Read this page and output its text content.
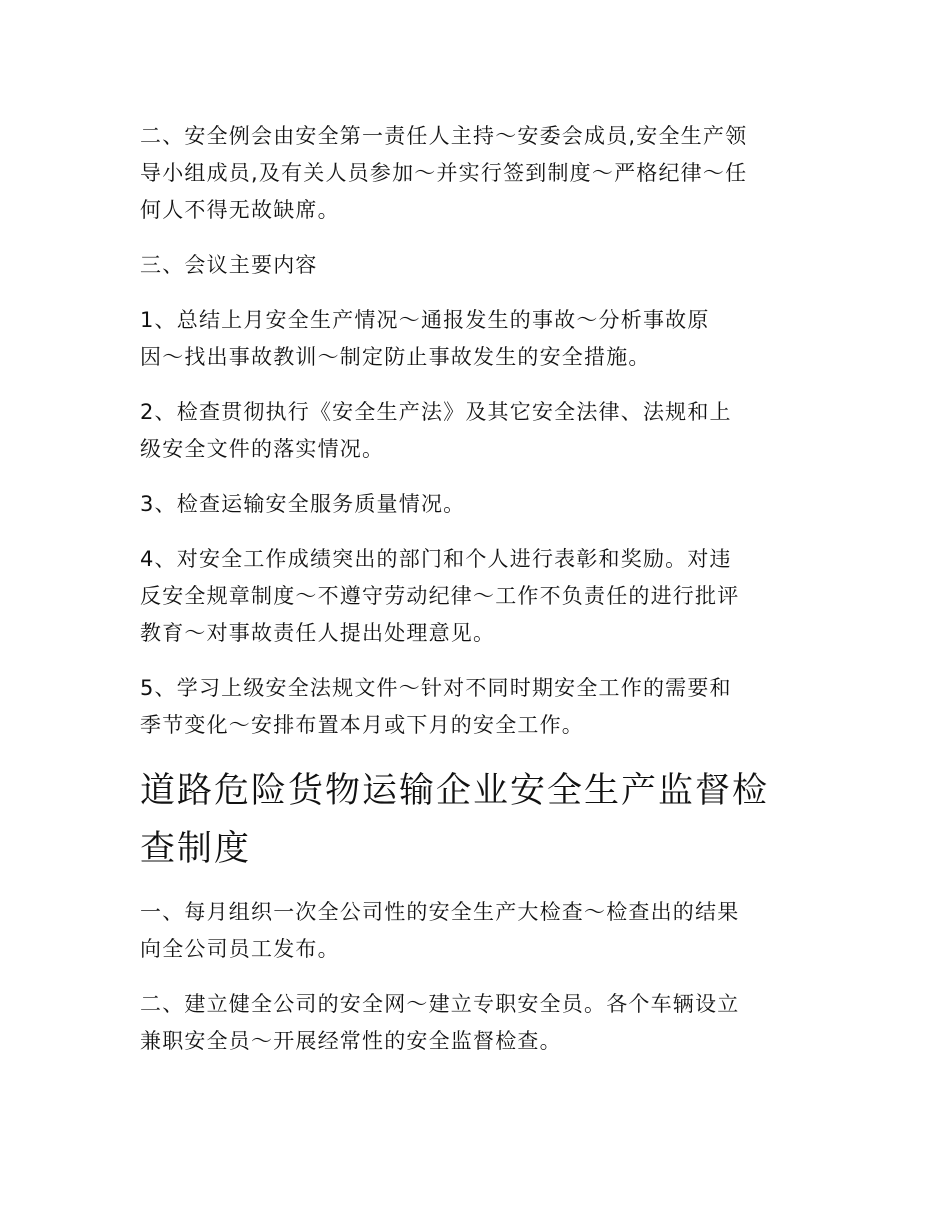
二、安全例会由安全第一责任人主持～安委会成员,安全生产领
导小组成员,及有关人员参加～并实行签到制度～严格纪律～任
何人不得无故缺席。

三、会议主要内容

1、总结上月安全生产情况～通报发生的事故～分析事故原
因～找出事故教训～制定防止事故发生的安全措施。

2、检查贯彻执行《安全生产法》及其它安全法律、法规和上
级安全文件的落实情况。

3、检查运输安全服务质量情况。

4、对安全工作成绩突出的部门和个人进行表彰和奖励。对违
反安全规章制度～不遵守劳动纪律～工作不负责任的进行批评
教育～对事故责任人提出处理意见。

5、学习上级安全法规文件～针对不同时期安全工作的需要和
季节变化～安排布置本月或下月的安全工作。

道路危险货物运输企业安全生产监督检
查制度

一、每月组织一次全公司性的安全生产大检查～检查出的结果
向全公司员工发布。

二、建立健全公司的安全网～建立专职安全员。各个车辆设立
兼职安全员～开展经常性的安全监督检查。
